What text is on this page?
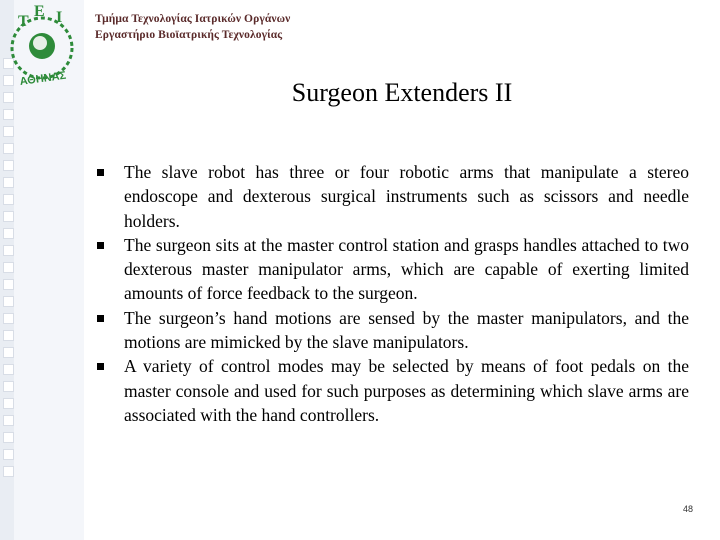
Τ
Ε Ι
ΑΘΗΝΑΣ
Τμήμα Τεχνολογίας Ιατρικών Οργάνων
Εργαστήριο Βιοϊατρικής Τεχνολογίας
Surgeon Extenders II
The slave robot has three or four robotic arms that manipulate a stereo endoscope and dexterous surgical instruments such as scissors and needle holders.
The surgeon sits at the master control station and grasps handles attached to two dexterous master manipulator arms, which are capable of exerting limited amounts of force feedback to the surgeon.
The surgeon’s hand motions are sensed by the master manipulators, and the motions are mimicked by the slave manipulators.
A variety of control modes may be selected by means of foot pedals on the master console and used for such purposes as determining which slave arms are associated with the hand controllers.
48
